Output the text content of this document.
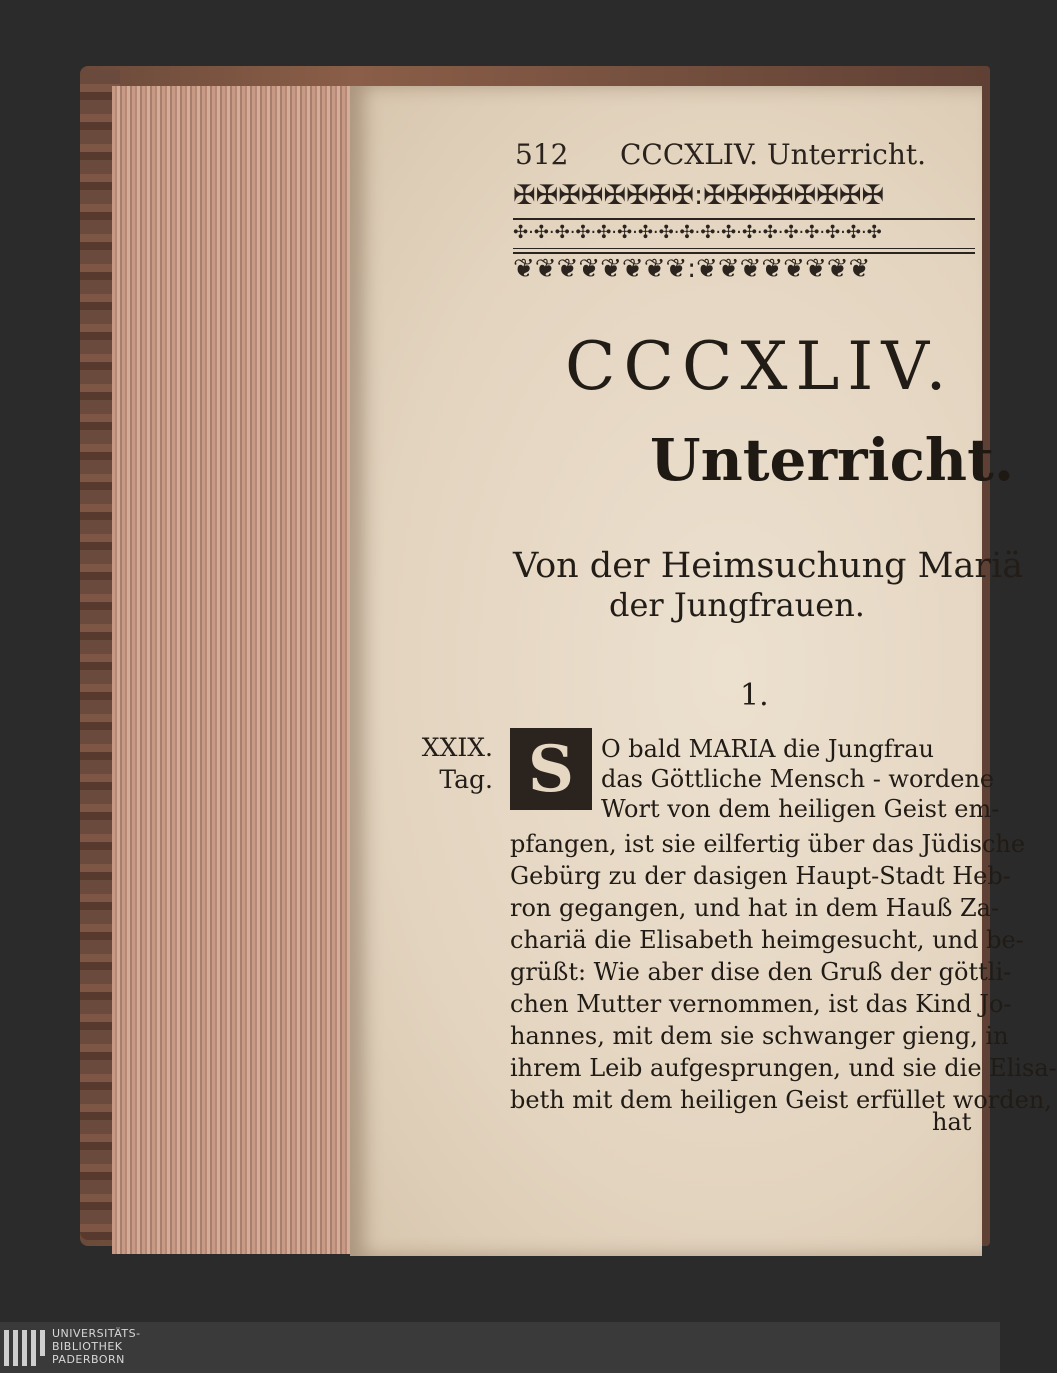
512 CCCXLIV. Unterricht.
✠✠✠✠✠✠✠✠:✠✠✠✠✠✠✠✠
✣·✣·✣·✣·✣·✣·✣·✣·✣·✣·✣·✣·✣·✣·✣·✣·✣·✣
❦❦❦❦❦❦❦❦:❦❦❦❦❦❦❦❦
CCCXLIV.
Unterricht.
Von der Heimsuchung Mariä
der Jungfrauen.
1.
XXIX.
Tag. S	O bald MARIA die Jungfrau
das Göttliche Mensch - wordene
Wort von dem heiligen Geist em-
pfangen, ist sie eilfertig über das Jüdische
Gebürg zu der dasigen Haupt-Stadt Heb-
ron gegangen, und hat in dem Hauß Za-
chariä die Elisabeth heimgesucht, und be-
grüßt: Wie aber dise den Gruß der göttli-
chen Mutter vernommen, ist das Kind Jo-
hannes, mit dem sie schwanger gieng, in
ihrem Leib aufgesprungen, und sie die Elisa-
beth mit dem heiligen Geist erfüllet worden,
hat
UNIVERSITÄTS-
BIBLIOTHEK
PADERBORN
